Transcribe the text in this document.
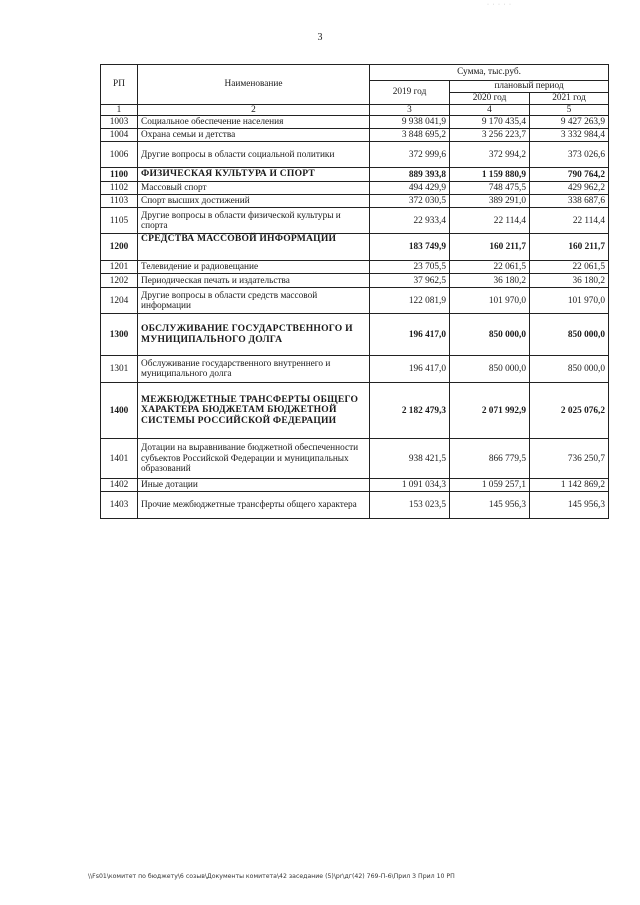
3
· · · · ·
РП	Наименование	Сумма, тыс.руб.		
		2019 год	плановый период	
			2020 год	2021 год
1	2	3	4	5
1003	Социальное обеспечение населения	9 938 041,9	9 170 435,4	9 427 263,9
1004	Охрана семьи и детства	3 848 695,2	3 256 223,7	3 332 984,4
1006	Другие вопросы в области социальной политики	372 999,6	372 994,2	373 026,6
1100	ФИЗИЧЕСКАЯ КУЛЬТУРА И СПОРТ	889 393,8	1 159 880,9	790 764,2
1102	Массовый спорт	494 429,9	748 475,5	429 962,2
1103	Спорт высших достижений	372 030,5	389 291,0	338 687,6
1105	Другие вопросы в области физической культуры и спорта	22 933,4	22 114,4	22 114,4
1200	СРЕДСТВА МАССОВОЙ ИНФОРМАЦИИ	183 749,9	160 211,7	160 211,7
1201	Телевидение и радиовещание	23 705,5	22 061,5	22 061,5
1202	Периодическая печать и издательства	37 962,5	36 180,2	36 180,2
1204	Другие вопросы в области средств массовой информации	122 081,9	101 970,0	101 970,0
1300	ОБСЛУЖИВАНИЕ ГОСУДАРСТВЕННОГО И МУНИЦИПАЛЬНОГО ДОЛГА	196 417,0	850 000,0	850 000,0
1301	Обслуживание государственного внутреннего и муниципального долга	196 417,0	850 000,0	850 000,0
1400	МЕЖБЮДЖЕТНЫЕ ТРАНСФЕРТЫ ОБЩЕГО ХАРАКТЕРА БЮДЖЕТАМ БЮДЖЕТНОЙ СИСТЕМЫ РОССИЙСКОЙ ФЕДЕРАЦИИ	2 182 479,3	2 071 992,9	2 025 076,2
1401	Дотации на выравнивание бюджетной обеспеченности субъектов Российской Федерации и муниципальных образований	938 421,5	866 779,5	736 250,7
1402	Иные дотации	1 091 034,3	1 059 257,1	1 142 869,2
1403	Прочие межбюджетные трансферты общего характера	153 023,5	145 956,3	145 956,3
\\Fs01\комитет по бюджету\6 созыв\Документы комитета\42 заседание (5)\pr\дг(42) 769-П-6\Прил 3 Прил 10 РП
